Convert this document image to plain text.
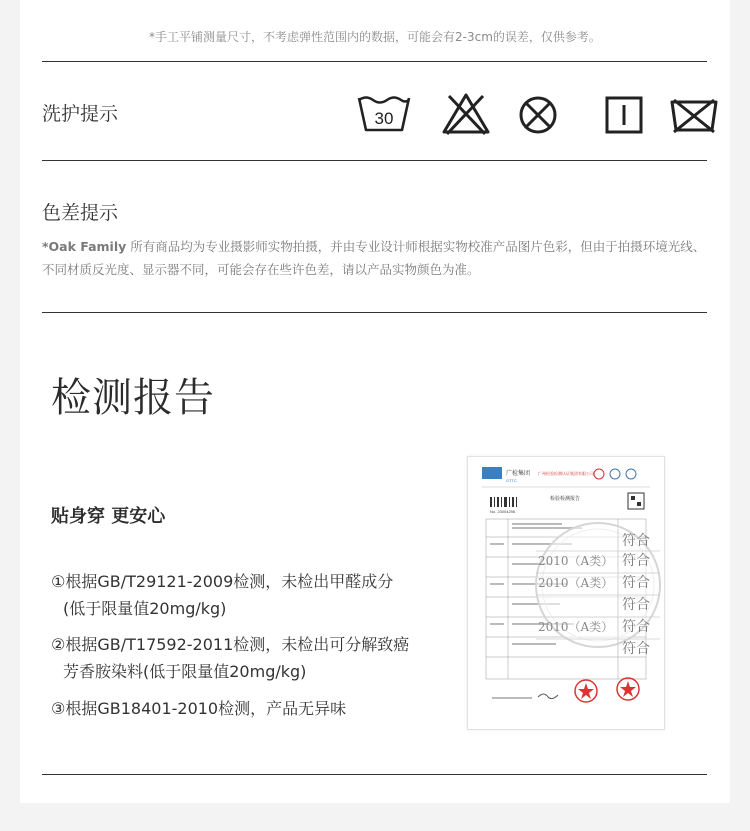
*手工平铺测量尺寸，不考虑弹性范围内的数据，可能会有2-3cm的误差，仅供参考。
洗护提示	30
色差提示
*Oak Family 所有商品均为专业摄影师实物拍摄，并由专业设计师根据实物校准产品图片色彩，但由于拍摄环境光线、不同材质反光度、显示器不同，可能会存在些许色差，请以产品实物颜色为准。
检测报告
贴身穿 更安心
①根据GB/T29121-2009检测，未检出甲醛成分
(低于限量值20mg/kg)
②根据GB/T17592-2011检测，未检出可分解致癌
芳香胺染料(低于限量值20mg/kg)
③根据GB18401-2010检测，产品无异味
广检集团
GTTC
广州检验检测认证集团有限公司
检验检测报告
No. 23004296
符合
符合
符合
符合
符合
符合
2010（A类）
2010（A类）
2010（A类）
